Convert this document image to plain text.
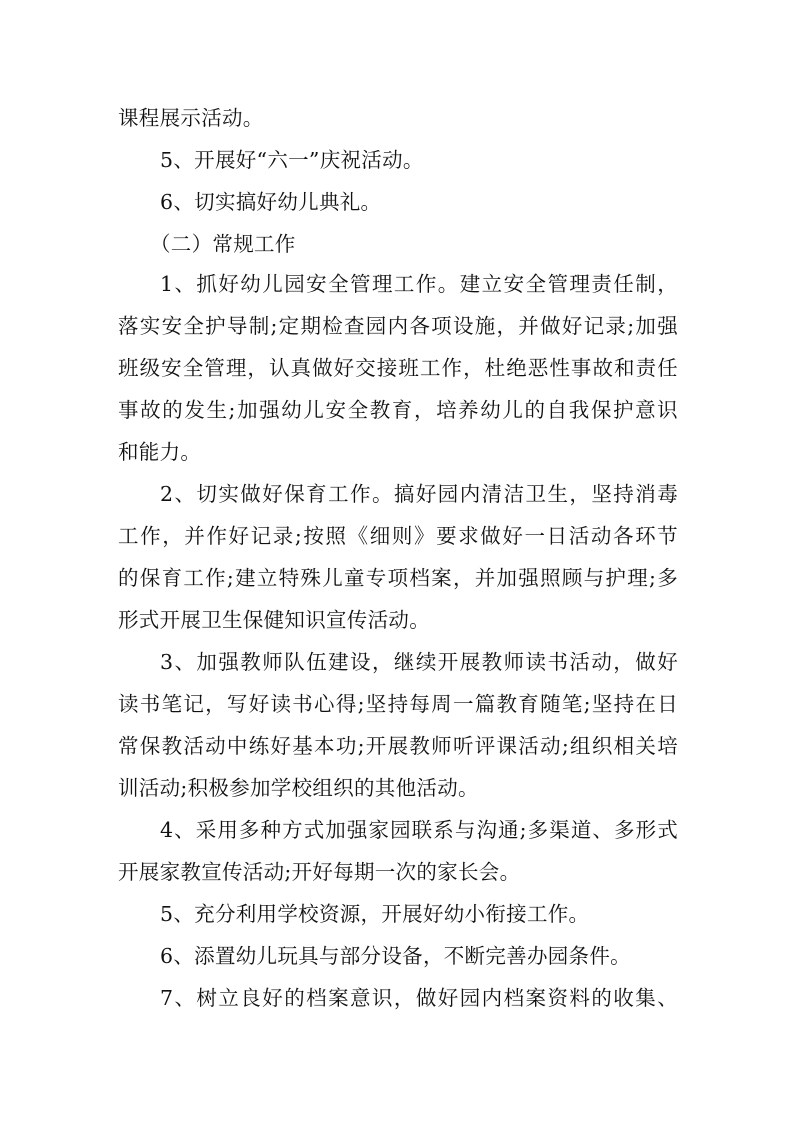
课程展示活动。
5、开展好“六一”庆祝活动。
6、切实搞好幼儿典礼。
（二）常规工作
1、抓好幼儿园安全管理工作。建立安全管理责任制，
落实安全护导制;定期检查园内各项设施，并做好记录;加强
班级安全管理，认真做好交接班工作，杜绝恶性事故和责任
事故的发生;加强幼儿安全教育，培养幼儿的自我保护意识
和能力。
2、切实做好保育工作。搞好园内清洁卫生，坚持消毒
工作，并作好记录;按照《细则》要求做好一日活动各环节
的保育工作;建立特殊儿童专项档案，并加强照顾与护理;多
形式开展卫生保健知识宣传活动。
3、加强教师队伍建设，继续开展教师读书活动，做好
读书笔记，写好读书心得;坚持每周一篇教育随笔;坚持在日
常保教活动中练好基本功;开展教师听评课活动;组织相关培
训活动;积极参加学校组织的其他活动。
4、采用多种方式加强家园联系与沟通;多渠道、多形式
开展家教宣传活动;开好每期一次的家长会。
5、充分利用学校资源，开展好幼小衔接工作。
6、添置幼儿玩具与部分设备，不断完善办园条件。
7、树立良好的档案意识，做好园内档案资料的收集、
